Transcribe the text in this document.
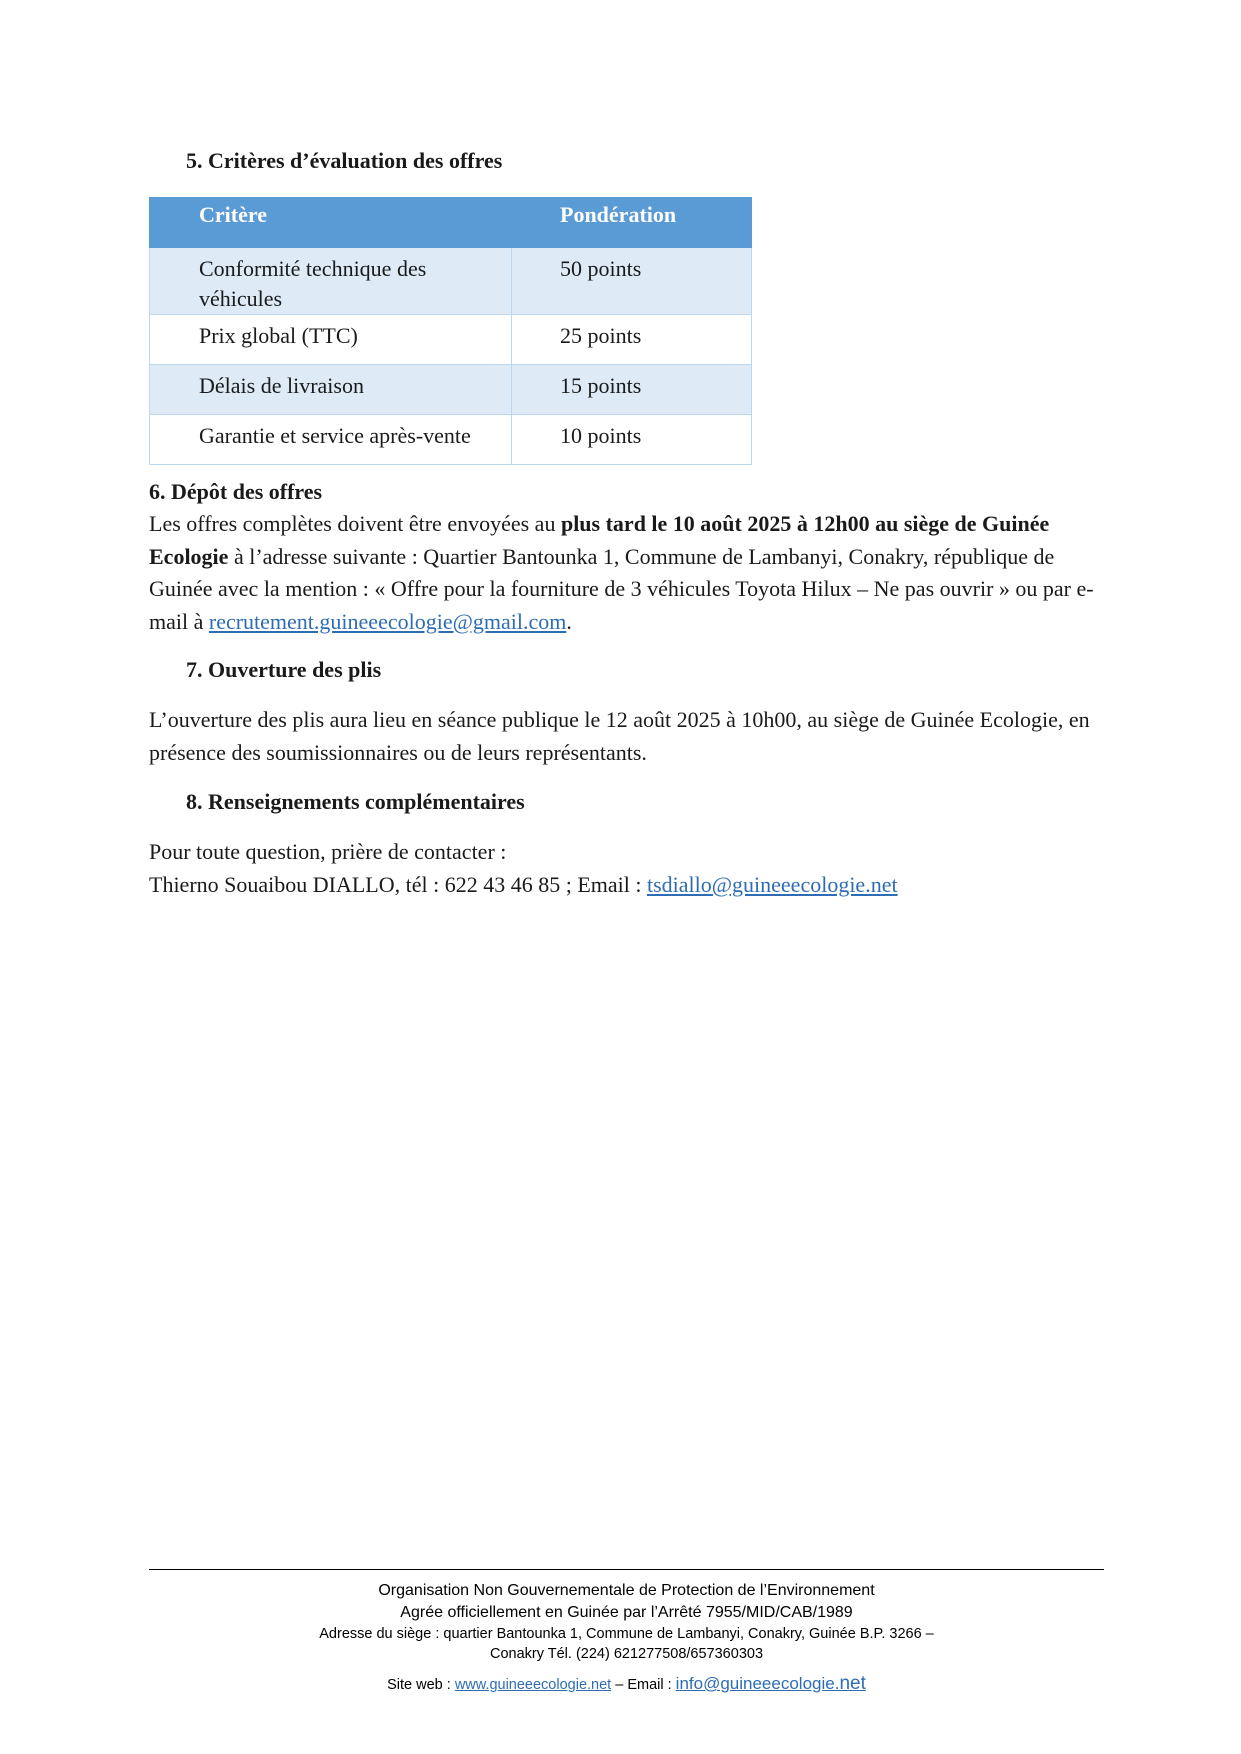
5. Critères d’évaluation des offres
Critère	Pondération
Conformité technique des véhicules	50 points
Prix global (TTC)	25 points
Délais de livraison	15 points
Garantie et service après-vente	10 points
6. Dépôt des offres

Les offres complètes doivent être envoyées au plus tard le 10 août 2025 à 12h00 au siège de Guinée Ecologie à l’adresse suivante : Quartier Bantounka 1, Commune de Lambanyi, Conakry, république de Guinée avec la mention : « Offre pour la fourniture de 3 véhicules Toyota Hilux – Ne pas ouvrir » ou par e-mail à recrutement.guineeecologie@gmail.com.

7. Ouverture des plis

L’ouverture des plis aura lieu en séance publique le 12 août 2025 à 10h00, au siège de Guinée Ecologie, en présence des soumissionnaires ou de leurs représentants.

8. Renseignements complémentaires

Pour toute question, prière de contacter :
Thierno Souaibou DIALLO, tél : 622 43 46 85 ; Email : tsdiallo@guineeecologie.net

Organisation Non Gouvernementale de Protection de l’Environnement
Agrée officiellement en Guinée par l’Arrêté 7955/MID/CAB/1989
Adresse du siège : quartier Bantounka 1, Commune de Lambanyi, Conakry, Guinée B.P. 3266 –
Conakry Tél. (224) 621277508/657360303
Site web : www.guineeecologie.net – Email : info@guineeecologie.net
